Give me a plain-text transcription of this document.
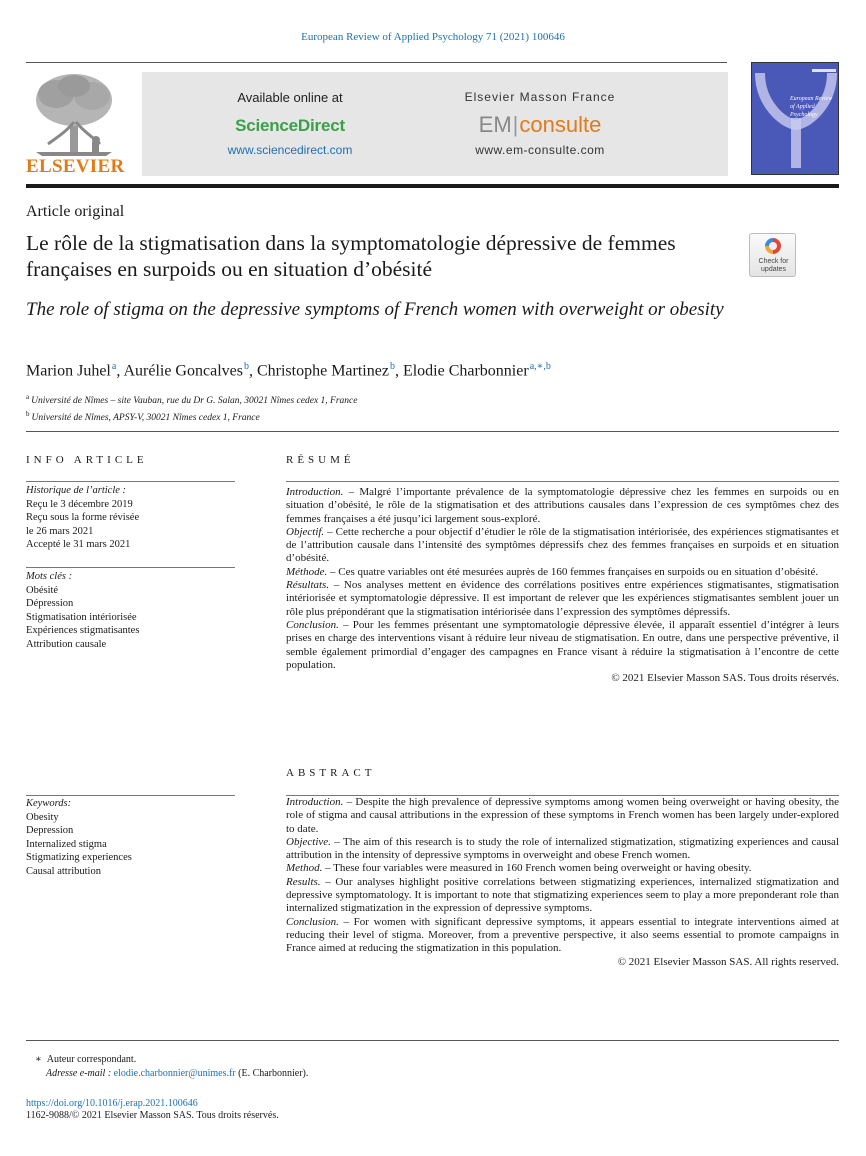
European Review of Applied Psychology 71 (2021) 100646
ELSEVIER
Available online at
ScienceDirect
www.sciencedirect.com
Elsevier Masson France
EM|consulte
www.em-consulte.com
European Review of Applied Psychology
Article original
Le rôle de la stigmatisation dans la symptomatologie dépressive de femmes françaises en surpoids ou en situation d’obésité	Check for updates
The role of stigma on the depressive symptoms of French women with overweight or obesity
Marion Juhel$^a$, Aurélie Goncalves$^b$, Christophe Martinez$^b$, Elodie Charbonnier$^{a,∗,b}$
$^a$ Université de Nîmes – site Vauban, rue du Dr G. Salan, 30021 Nîmes cedex 1, France
$^b$ Université de Nîmes, APSY-V, 30021 Nîmes cedex 1, France
INFO ARTICLE	RÉSUMÉ
Historique de l’article :
Reçu le 3 décembre 2019
Reçu sous la forme révisée
le 26 mars 2021
Accepté le 31 mars 2021
Mots clés :
Obésité
Dépression
Stigmatisation intériorisée
Expériences stigmatisantes
Attribution causale

Introduction. – Malgré l’importante prévalence de la symptomatologie dépressive chez les femmes en surpoids ou en situation d’obésité, le rôle de la stigmatisation et des attributions causales dans l’expression de ces symptômes chez des femmes françaises a été jusqu’ici largement sous-exploré.

Objectif. – Cette recherche a pour objectif d’étudier le rôle de la stigmatisation intériorisée, des expériences stigmatisantes et de l’attribution causale dans l’intensité des symptômes dépressifs chez des femmes françaises en surpoids et en situation d’obésité.

Méthode. – Ces quatre variables ont été mesurées auprès de 160 femmes françaises en surpoids ou en situation d’obésité.

Résultats. – Nos analyses mettent en évidence des corrélations positives entre expériences stigmatisantes, stigmatisation intériorisée et symptomatologie dépressive. Il est important de relever que les expériences stigmatisantes semblent jouer un rôle plus prépondérant que la stigmatisation intériorisée dans l’expression des symptômes dépressifs.

Conclusion. – Pour les femmes présentant une symptomatologie dépressive élevée, il apparaît essentiel d’intégrer à leurs prises en charge des interventions visant à réduire leur niveau de stigmatisation. En outre, dans une perspective préventive, il semble également primordial d’engager des campagnes en France visant à réduire la stigmatisation à l’encontre de cette population.

© 2021 Elsevier Masson SAS. Tous droits réservés.

ABSTRACT
Keywords:
Obesity
Depression
Internalized stigma
Stigmatizing experiences
Causal attribution

Introduction. – Despite the high prevalence of depressive symptoms among women being overweight or having obesity, the role of stigma and causal attributions in the expression of these symptoms in French women has been largely under-explored to date.

Objective. – The aim of this research is to study the role of internalized stigmatization, stigmatizing experiences and causal attribution in the intensity of depressive symptoms in overweight and obese French women.

Method. – These four variables were measured in 160 French women being overweight or having obesity.

Results. – Our analyses highlight positive correlations between stigmatizing experiences, internalized stigmatization and depressive symptomatology. It is important to note that stigmatizing experiences seem to play a more preponderant role than internalized stigmatization in the expression of depressive symptoms.

Conclusion. – For women with significant depressive symptoms, it appears essential to integrate interventions aimed at reducing their level of stigma. Moreover, from a preventive perspective, it also seems essential to promote campaigns in France aimed at reducing the stigmatization in this population.

© 2021 Elsevier Masson SAS. All rights reserved.

∗ Auteur correspondant.
Adresse e-mail : elodie.charbonnier@unimes.fr (E. Charbonnier).
https://doi.org/10.1016/j.erap.2021.100646
1162-9088/© 2021 Elsevier Masson SAS. Tous droits réservés.
